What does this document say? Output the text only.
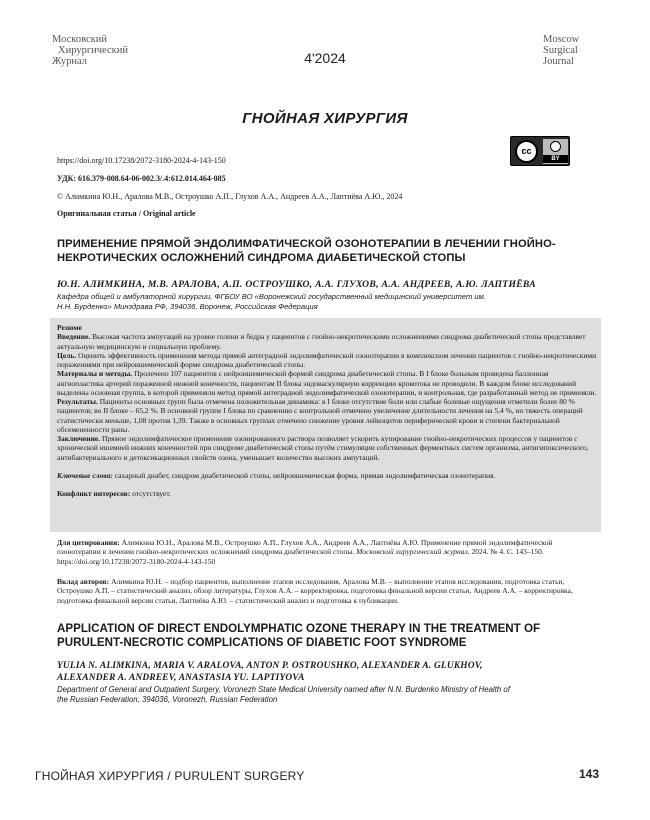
Московский
Хирургический
Журнал	4'2024
Moscow
Surgical
Journal
ГНОЙНАЯ ХИРУРГИЯ
cc
BY
https://doi.org/10.17238/2072-3180-2024-4-143-150
УДК: 616.379-008.64-06-002.3/.4:612.014.464-085
© Алимкина Ю.Н., Аралова М.В., Остроушко А.П., Глухов А.А., Андреев А.А., Лаптиёва А.Ю., 2024
Оригинальная статья / Original article
ПРИМЕНЕНИЕ ПРЯМОЙ ЭНДОЛИМФАТИЧЕСКОЙ ОЗОНОТЕРАПИИ В ЛЕЧЕНИИ ГНОЙНО-
НЕКРОТИЧЕСКИХ ОСЛОЖНЕНИЙ СИНДРОМА ДИАБЕТИЧЕСКОЙ СТОПЫ
Ю.Н. АЛИМКИНА, М.В. АРАЛОВА, А.П. ОСТРОУШКО, А.А. ГЛУХОВ, А.А. АНДРЕЕВ, А.Ю. ЛАПТИЁВА
Кафедра общей и амбулаторной хирургии, ФГБОУ ВО «Воронежский государственный медицинский университет им.
Н.Н. Бурденко» Минздрава РФ, 394036, Воронеж, Российская Федерация

Резюме

Введение. Высокая частота ампутаций на уровне голени и бедра у пациентов с гнойно-некротическими осложнениями синдрома диабетической стопы представляет актуальную медицинскую и социальную проблему.

Цель. Оценить эффективность применения метода прямой антеградной эндолимфатической озонотерапии в комплексном лечении пациентов с гнойно-некротическими поражениями при нейроишемической форме синдрома диабетической стопы.

Материалы и методы. Пролечено 107 пациентов с нейроишемической формой синдрома диабетической стопы. В I блоке больным проведена баллонная ангиопластика артерий пораженной нижней конечности, пациентам II блока эндоваскулярную коррекцию кровотока не проводили. В каждом блоке исследований выделены основная группа, в которой применяли метод прямой антеградной эндолимфатической озонотерапии, и контрольная, где разработанный метод не применяли.

Результаты. Пациенты основных групп была отмечена положительная динамика: в I блоке отсутствие боли или слабые болевые ощущения отметили более 80 % пациентов; во II блоке – 65,2 %. В основной группе I блока по сравнению с контрольной отмечено увеличение длительности лечения на 5,4 %, но тяжесть операций статистически меньше, 1,08 против 1,39. Также в основных группах отмечено снижение уровня лейкоцитов периферической крови и степени бактериальной обсемененности раны.

Заключение. Прямое эндолимфатическое применение озонированного раствора позволяет ускорить купирование гнойно-некротических процессов у пациентов с хронической ишемией нижних конечностей при синдроме диабетической стопы путём стимуляции собственных ферментных систем организма, антигипоксического, антибактериального и детоксикационных свойств озона, уменьшает количество высоких ампутаций.

Ключевые слова: сахарный диабет, синдром диабетической стопы, нейроишемическая форма, прямая эндолимфатическая озонотерапия.

Конфликт интересов: отсутствует.

Для цитирования: Алимкина Ю.Н., Аралова М.В., Остроушко А.П., Глухов А.А., Андреев А.А., Лаптиёва А.Ю. Применение прямой эндолимфатической озонотерапии в лечении гнойно-некротических осложнений синдрома диабетической стопы. Московский хирургический журнал, 2024. № 4. С. 143–150. https://doi.org/10.17238/2072-3180-2024-4-143-150
Вклад авторов: Алимкина Ю.Н. – подбор пациентов, выполнение этапов исследования, Аралова М.В. – выполнение этапов исследования, подготовка статьи, Остроушко А.П. – статистический анализ, обзор литературы, Глухов А.А. – корректировка, подготовка финальной версии статьи, Андреев А.А. – корректировка, подготовка финальной версии статьи, Лаптиёва А.Ю. – статистический анализ и подготовка к публикации.
APPLICATION OF DIRECT ENDOLYMPHATIC OZONE THERAPY IN THE TREATMENT OF
PURULENT-NECROTIC COMPLICATIONS OF DIABETIC FOOT SYNDROME
YULIA N. ALIMKINA, MARIA V. ARALOVA, ANTON P. OSTROUSHKO, ALEXANDER A. GLUKHOV,
ALEXANDER A. ANDREEV, ANASTASIA YU. LAPTIYOVA
Department of General and Outpatient Surgery, Voronezh State Medical University named after N.N. Burdenko Ministry of Health of
the Russian Federation, 394036, Voronezh, Russian Federation
ГНОЙНАЯ ХИРУРГИЯ / PURULENT SURGERY	143
